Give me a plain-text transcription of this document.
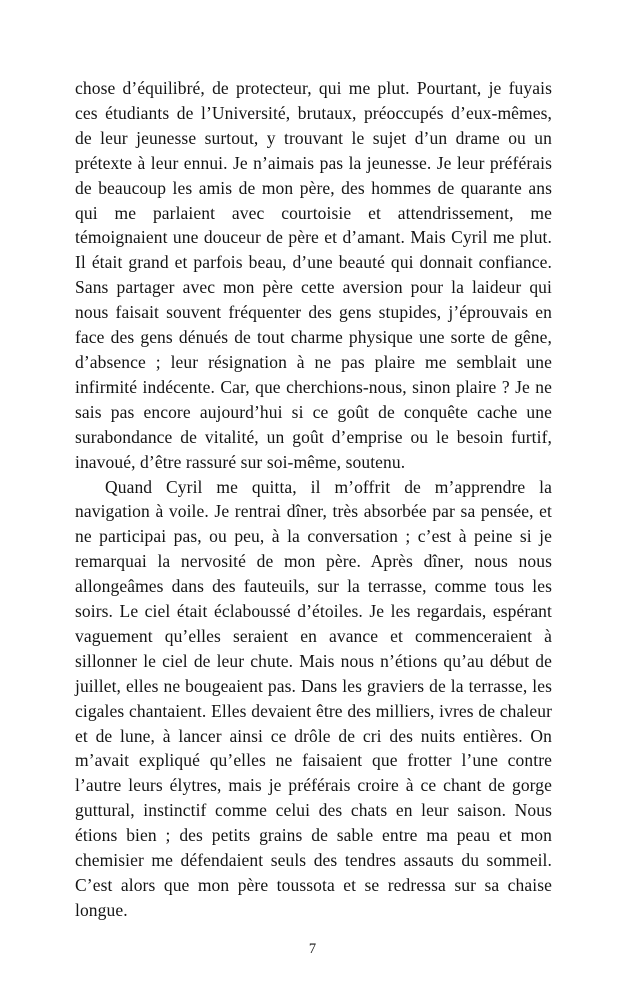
chose d’équilibré, de protecteur, qui me plut. Pourtant, je fuyais ces étudiants de l’Université, brutaux, préoccupés d’eux-mêmes, de leur jeunesse surtout, y trouvant le sujet d’un drame ou un prétexte à leur ennui. Je n’aimais pas la jeunesse. Je leur préférais de beaucoup les amis de mon père, des hommes de quarante ans qui me parlaient avec courtoisie et attendrissement, me témoignaient une douceur de père et d’amant. Mais Cyril me plut. Il était grand et parfois beau, d’une beauté qui donnait confiance. Sans partager avec mon père cette aversion pour la laideur qui nous faisait souvent fréquenter des gens stupides, j’éprouvais en face des gens dénués de tout charme physique une sorte de gêne, d’absence ; leur résignation à ne pas plaire me semblait une infirmité indécente. Car, que cherchions-nous, sinon plaire ? Je ne sais pas encore aujourd’hui si ce goût de conquête cache une surabondance de vitalité, un goût d’emprise ou le besoin furtif, inavoué, d’être rassuré sur soi-même, soutenu.

Quand Cyril me quitta, il m’offrit de m’apprendre la navigation à voile. Je rentrai dîner, très absorbée par sa pensée, et ne participai pas, ou peu, à la conversation ; c’est à peine si je remarquai la nervosité de mon père. Après dîner, nous nous allongeâmes dans des fauteuils, sur la terrasse, comme tous les soirs. Le ciel était éclaboussé d’étoiles. Je les regardais, espérant vaguement qu’elles seraient en avance et commenceraient à sillonner le ciel de leur chute. Mais nous n’étions qu’au début de juillet, elles ne bougeaient pas. Dans les graviers de la terrasse, les cigales chantaient. Elles devaient être des milliers, ivres de chaleur et de lune, à lancer ainsi ce drôle de cri des nuits entières. On m’avait expliqué qu’elles ne faisaient que frotter l’une contre l’autre leurs élytres, mais je préférais croire à ce chant de gorge guttural, instinctif comme celui des chats en leur saison. Nous étions bien ; des petits grains de sable entre ma peau et mon chemisier me défendaient seuls des tendres assauts du sommeil. C’est alors que mon père toussota et se redressa sur sa chaise longue.

7
